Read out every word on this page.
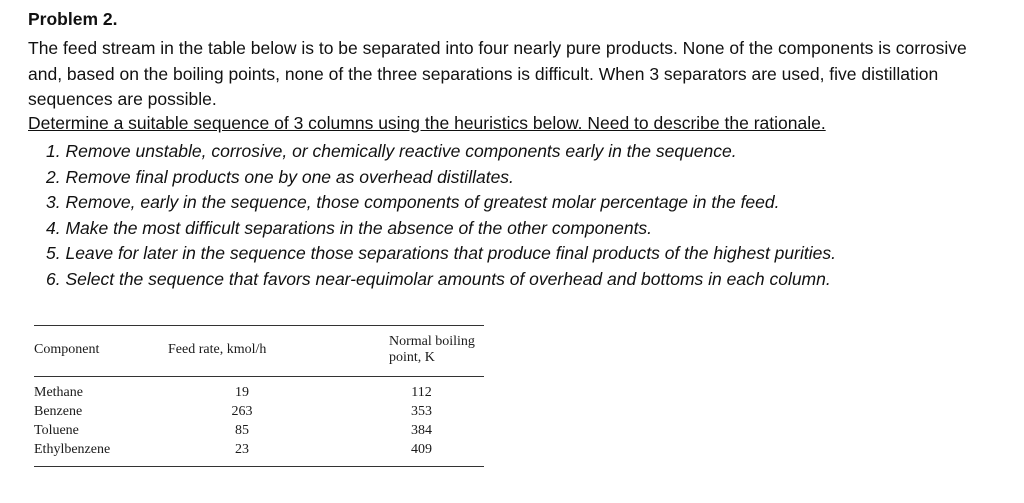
Problem 2.
The feed stream in the table below is to be separated into four nearly pure products. None of the components is corrosive and, based on the boiling points, none of the three separations is difficult. When 3 separators are used, five distillation sequences are possible.
Determine a suitable sequence of 3 columns using the heuristics below. Need to describe the rationale.
1. Remove unstable, corrosive, or chemically reactive components early in the sequence.
2. Remove final products one by one as overhead distillates.
3. Remove, early in the sequence, those components of greatest molar percentage in the feed.
4. Make the most difficult separations in the absence of the other components.
5. Leave for later in the sequence those separations that produce final products of the highest purities.
6. Select the sequence that favors near-equimolar amounts of overhead and bottoms in each column.
Component	Feed rate, kmol/h	Normal boiling point, K
Methane	19	112
Benzene	263	353
Toluene	85	384
Ethylbenzene	23	409
